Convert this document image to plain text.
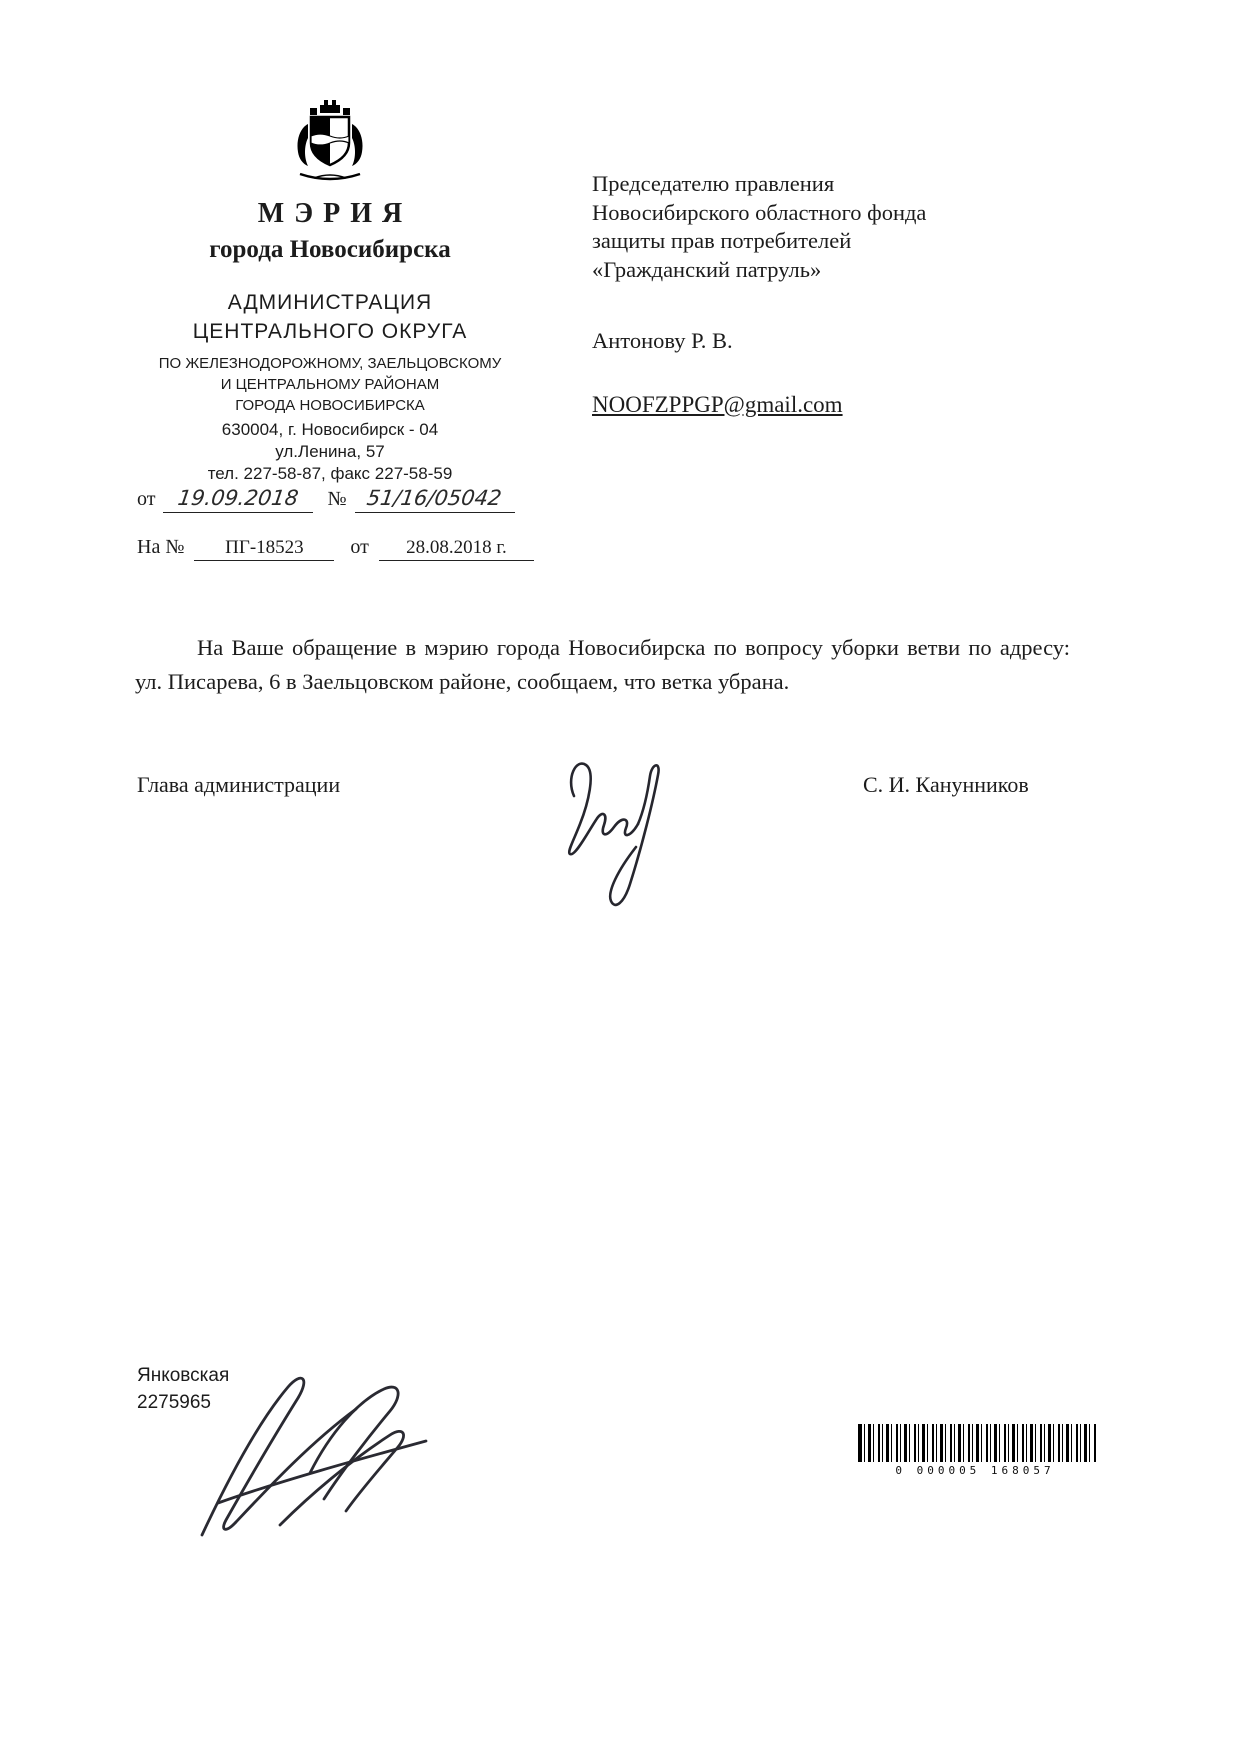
МЭРИЯ
города Новосибирска
АДМИНИСТРАЦИЯ
ЦЕНТРАЛЬНОГО ОКРУГА
ПО ЖЕЛЕЗНОДОРОЖНОМУ, ЗАЕЛЬЦОВСКОМУ
И ЦЕНТРАЛЬНОМУ РАЙОНАМ
ГОРОДА НОВОСИБИРСКА
630004, г. Новосибирск - 04
ул.Ленина, 57
тел. 227-58-87, факс 227-58-59
от 19.09.2018 № 51/16/05042
На № ПГ-18523 от 28.08.2018 г.
Председателю правления
Новосибирского областного фонда
защиты прав потребителей
«Гражданский патруль»
Антонову Р. В.
NOOFZPPGP@gmail.com

На Ваше обращение в мэрию города Новосибирска по вопросу уборки ветви по адресу: ул. Писарева, 6 в Заельцовском районе, сообщаем, что ветка убрана.

Глава администрации	С. И. Канунников
Янковская
2275965
0 000005 168057
